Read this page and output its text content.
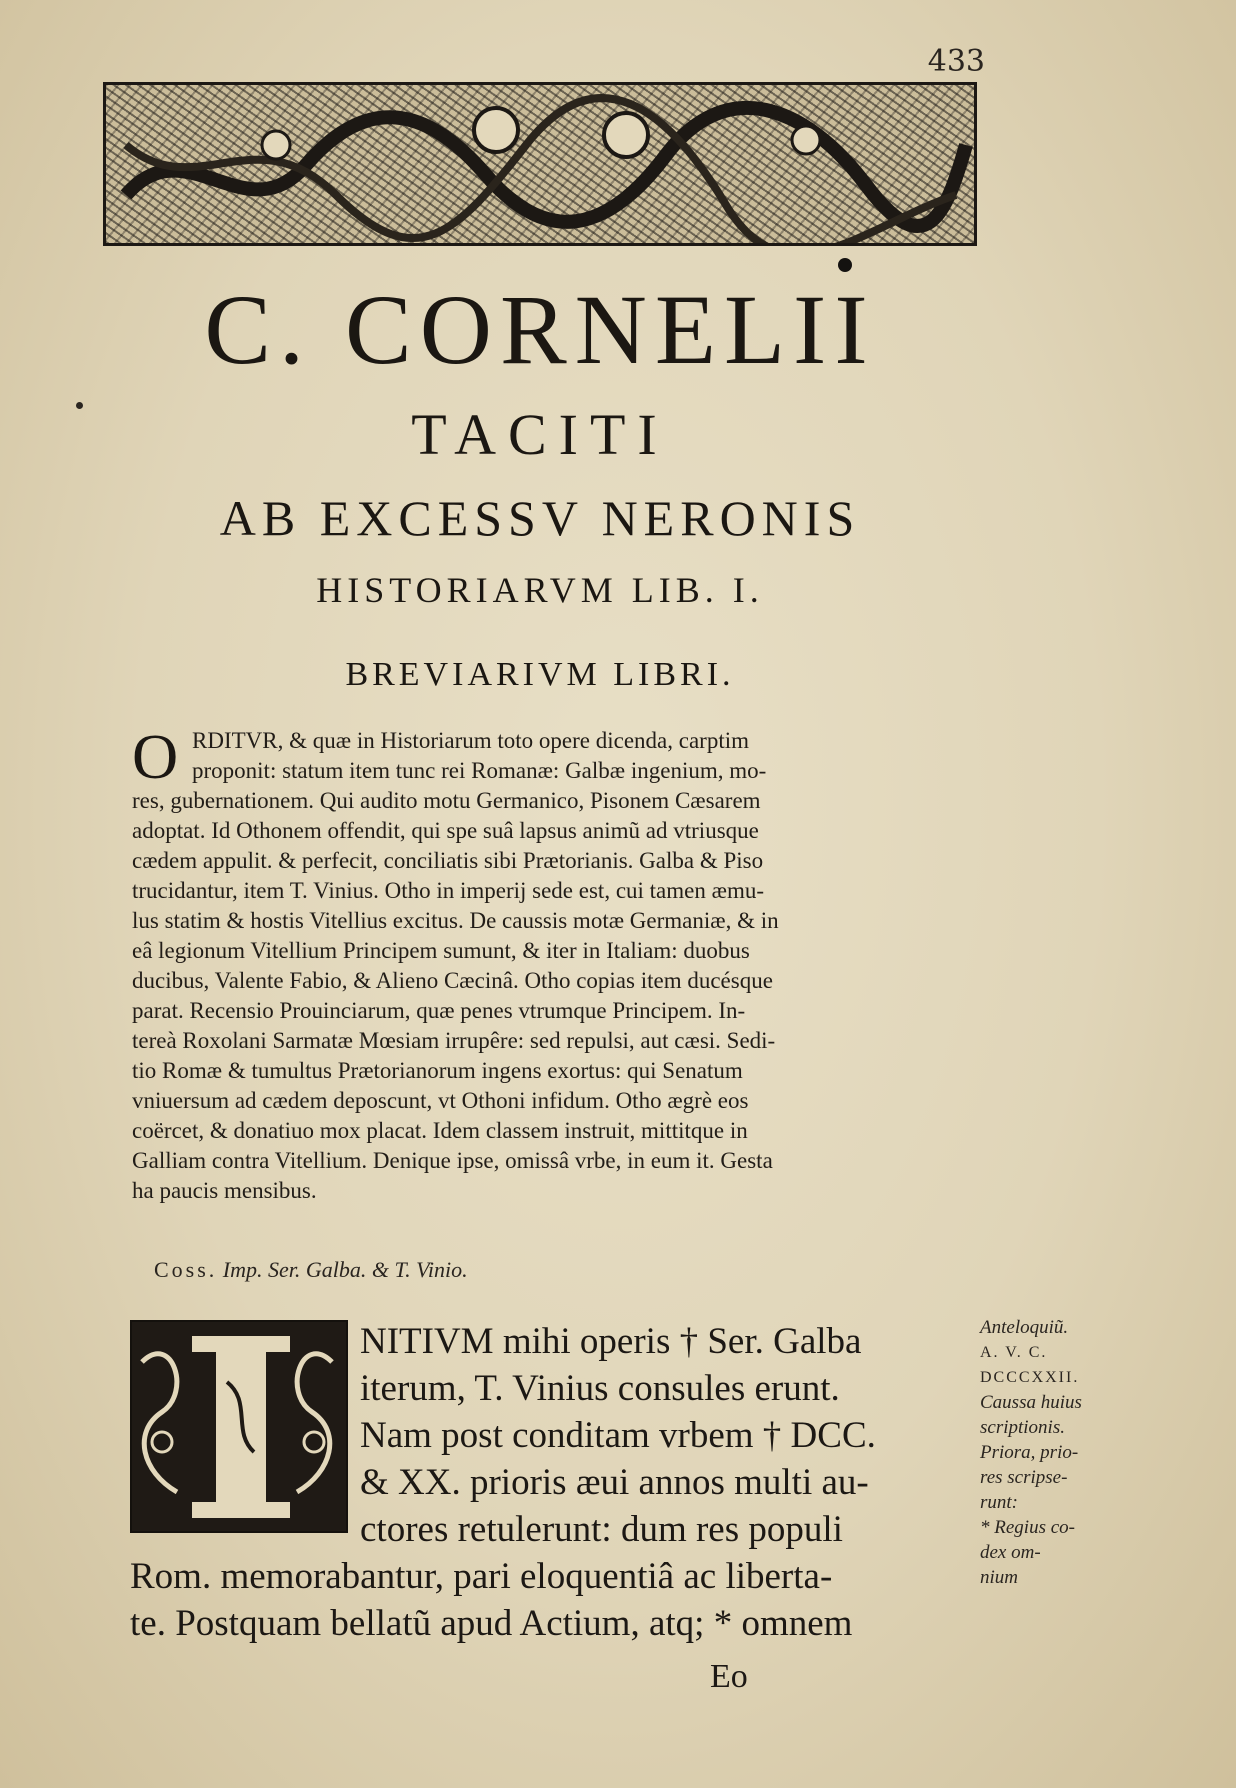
433
C. CORNELII
TACITI
AB EXCESSV NERONIS
HISTORIARVM LIB. I.
BREVIARIVM LIBRI.
O RDITVR, & quæ in Historiarum toto opere dicenda, carptim
proponit: statum item tunc rei Romanæ: Galbæ ingenium, mo-
res, gubernationem. Qui audito motu Germanico, Pisonem Cæsarem
adoptat. Id Othonem offendit, qui spe suâ lapsus animũ ad vtriusque
cædem appulit. & perfecit, conciliatis sibi Prætorianis. Galba & Piso
trucidantur, item T. Vinius. Otho in imperij sede est, cui tamen æmu-
lus statim & hostis Vitellius excitus. De caussis motæ Germaniæ, & in
eâ legionum Vitellium Principem sumunt, & iter in Italiam: duobus
ducibus, Valente Fabio, & Alieno Cæcinâ. Otho copias item ducésque
parat. Recensio Prouinciarum, quæ penes vtrumque Principem. In-
tereà Roxolani Sarmatæ Mœsiam irrupêre: sed repulsi, aut cæsi. Sedi-
tio Romæ & tumultus Prætorianorum ingens exortus: qui Senatum
vniuersum ad cædem deposcunt, vt Othoni infidum. Otho ægrè eos
coërcet, & donatiuo mox placat. Idem classem instruit, mittitque in
Galliam contra Vitellium. Denique ipse, omissâ vrbe, in eum it. Gesta
ha paucis mensibus.
Coss. Imp. Ser. Galba. & T. Vinio.
NITIVM mihi operis † Ser. Galba
iterum, T. Vinius consules erunt.
Nam post conditam vrbem † DCC.
& XX. prioris æui annos multi au-
ctores retulerunt: dum res populi
Rom. memorabantur, pari eloquentiâ ac liberta-
te. Postquam bellatũ apud Actium, atq; * omnem
Anteloquiũ.
A. V. C.
DCCCXXII.
Caussa huius
scriptionis.
Priora, prio-
res scripse-
runt:
* Regius co-
dex om-
nium
Eo
